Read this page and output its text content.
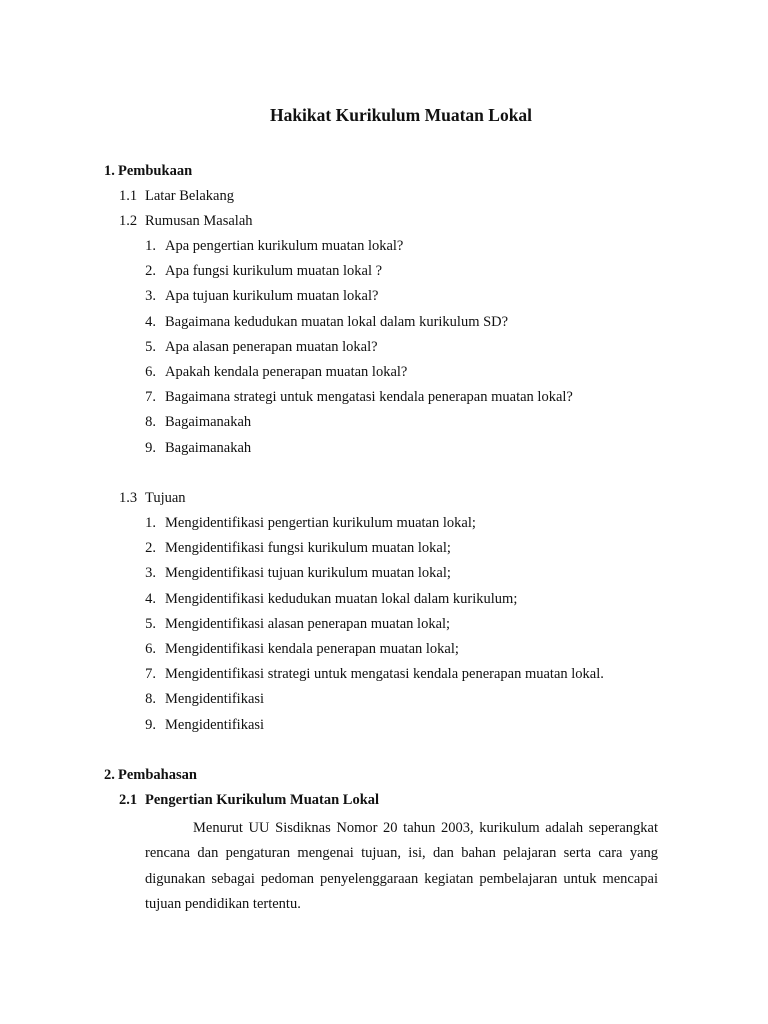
Hakikat Kurikulum Muatan Lokal
1. Pembukaan
1.1 Latar Belakang
1.2 Rumusan Masalah
1. Apa pengertian kurikulum muatan lokal?
2. Apa fungsi kurikulum muatan lokal ?
3. Apa tujuan kurikulum muatan lokal?
4. Bagaimana kedudukan muatan lokal dalam kurikulum SD?
5. Apa alasan penerapan muatan lokal?
6. Apakah kendala penerapan muatan lokal?
7. Bagaimana strategi untuk mengatasi kendala penerapan muatan lokal?
8. Bagaimanakah
9. Bagaimanakah
1.3 Tujuan
1. Mengidentifikasi pengertian kurikulum muatan lokal;
2. Mengidentifikasi fungsi kurikulum muatan lokal;
3. Mengidentifikasi tujuan kurikulum muatan lokal;
4. Mengidentifikasi kedudukan muatan lokal dalam kurikulum;
5. Mengidentifikasi alasan penerapan muatan lokal;
6. Mengidentifikasi kendala penerapan muatan lokal;
7. Mengidentifikasi strategi untuk mengatasi kendala penerapan muatan lokal.
8. Mengidentifikasi
9. Mengidentifikasi
2. Pembahasan
2.1 Pengertian Kurikulum Muatan Lokal

Menurut UU Sisdiknas Nomor 20 tahun 2003, kurikulum adalah seperangkat rencana dan pengaturan mengenai tujuan, isi, dan bahan pelajaran serta cara yang digunakan sebagai pedoman penyelenggaraan kegiatan pembelajaran untuk mencapai tujuan pendidikan tertentu.
